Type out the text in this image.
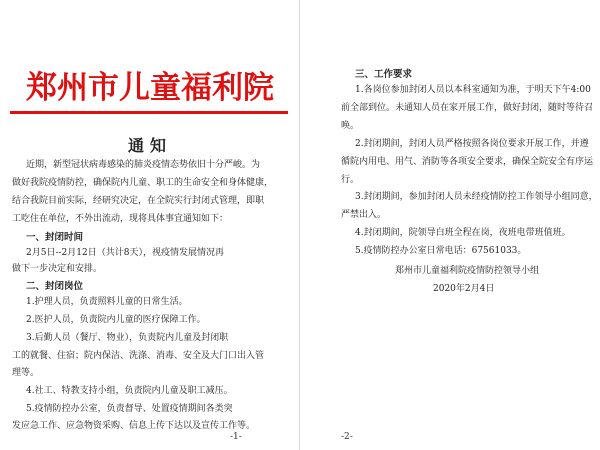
郑州市儿童福利院
通知
近期，新型冠状病毒感染的肺炎疫情态势依旧十分严峻。为
做好我院疫情防控，确保院内儿童、职工的生命安全和身体健康，
结合我院目前实际，经研究决定，在全院实行封闭式管理，即职
工吃住在单位，不外出流动，现将具体事宜通知如下：
一、封闭时间
2月5日--2月12日（共计8天），视疫情发展情况再
做下一步决定和安排。
二、封闭岗位
1.护理人员，负责照料儿童的日常生活。
2.医护人员，负责院内儿童的医疗保障工作。
3.后勤人员（餐厅、物业），负责院内儿童及封闭职
工的就餐、住宿；院内保洁、洗涤、消毒、安全及大门口出入管
理等。
4.社工、特教支持小组，负责院内儿童及职工减压。
5.疫情防控办公室，负责督导、处置疫情期间各类突
发应急工作、应急物资采购、信息上传下达以及宣传工作等。
-1-
三、工作要求
1.各岗位参加封闭人员以本科室通知为准，于明天下午4:00
前全部到位。未通知人员在家开展工作，做好封闭，随时等待召
唤。
2.封闭期间，封闭人员严格按照各岗位要求开展工作，并遵
循院内用电、用气、消防等各项安全要求，确保全院安全有序运
行。
3.封闭期间，参加封闭人员未经疫情防控工作领导小组同意，
严禁出入。
4.封闭期间，院领导白班全程在岗，夜班电带班值班。
5.疫情防控办公室日常电话：67561033。
郑州市儿童福利院疫情防控领导小组
2020年2月4日
-2-
